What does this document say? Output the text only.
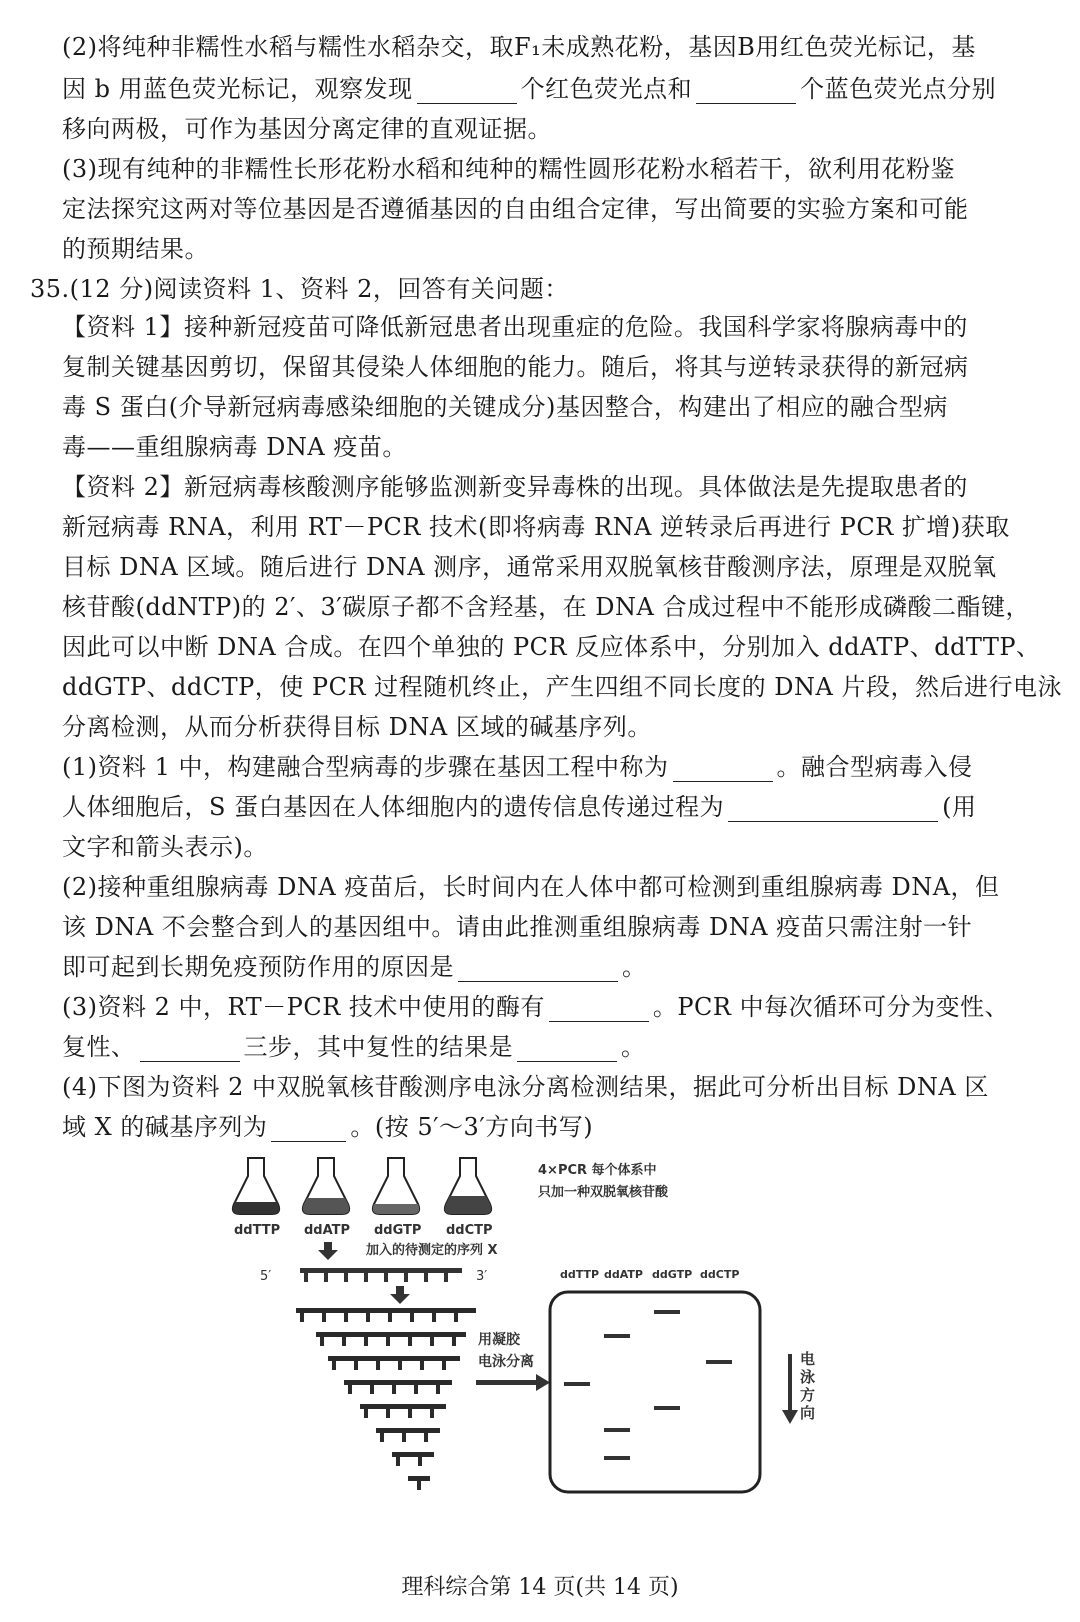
(2)将纯种非糯性水稻与糯性水稻杂交，取F₁未成熟花粉，基因B用红色荧光标记，基
因 b 用蓝色荧光标记，观察发现	个红色荧光点和	个蓝色荧光点分别
移向两极，可作为基因分离定律的直观证据。
(3)现有纯种的非糯性长形花粉水稻和纯种的糯性圆形花粉水稻若干，欲利用花粉鉴
定法探究这两对等位基因是否遵循基因的自由组合定律，写出简要的实验方案和可能
的预期结果。
35.(12 分)阅读资料 1、资料 2，回答有关问题：
【资料 1】接种新冠疫苗可降低新冠患者出现重症的危险。我国科学家将腺病毒中的
复制关键基因剪切，保留其侵染人体细胞的能力。随后，将其与逆转录获得的新冠病
毒 S 蛋白(介导新冠病毒感染细胞的关键成分)基因整合，构建出了相应的融合型病
毒——重组腺病毒 DNA 疫苗。
【资料 2】新冠病毒核酸测序能够监测新变异毒株的出现。具体做法是先提取患者的
新冠病毒 RNA，利用 RT－PCR 技术(即将病毒 RNA 逆转录后再进行 PCR 扩增)获取
目标 DNA 区域。随后进行 DNA 测序，通常采用双脱氧核苷酸测序法，原理是双脱氧
核苷酸(ddNTP)的 2′、3′碳原子都不含羟基，在 DNA 合成过程中不能形成磷酸二酯键，
因此可以中断 DNA 合成。在四个单独的 PCR 反应体系中，分别加入 ddATP、ddTTP、
ddGTP、ddCTP，使 PCR 过程随机终止，产生四组不同长度的 DNA 片段，然后进行电泳
分离检测，从而分析获得目标 DNA 区域的碱基序列。
(1)资料 1 中，构建融合型病毒的步骤在基因工程中称为	。融合型病毒入侵
人体细胞后，S 蛋白基因在人体细胞内的遗传信息传递过程为	(用
文字和箭头表示)。
(2)接种重组腺病毒 DNA 疫苗后，长时间内在人体中都可检测到重组腺病毒 DNA，但
该 DNA 不会整合到人的基因组中。请由此推测重组腺病毒 DNA 疫苗只需注射一针
即可起到长期免疫预防作用的原因是	。
(3)资料 2 中，RT－PCR 技术中使用的酶有	。PCR 中每次循环可分为变性、
复性、	三步，其中复性的结果是	。
(4)下图为资料 2 中双脱氧核苷酸测序电泳分离检测结果，据此可分析出目标 DNA 区
域 X 的碱基序列为	。(按 5′～3′方向书写)
4×PCR 每个体系中
只加一种双脱氧核苷酸
ddTTP ddATP ddGTP ddCTP
加入的待测定的序列 X
5′	3′
用凝胶
电泳分离
ddTTP ddATP ddGTP ddCTP
电
泳
方
向
理科综合第 14 页(共 14 页)
